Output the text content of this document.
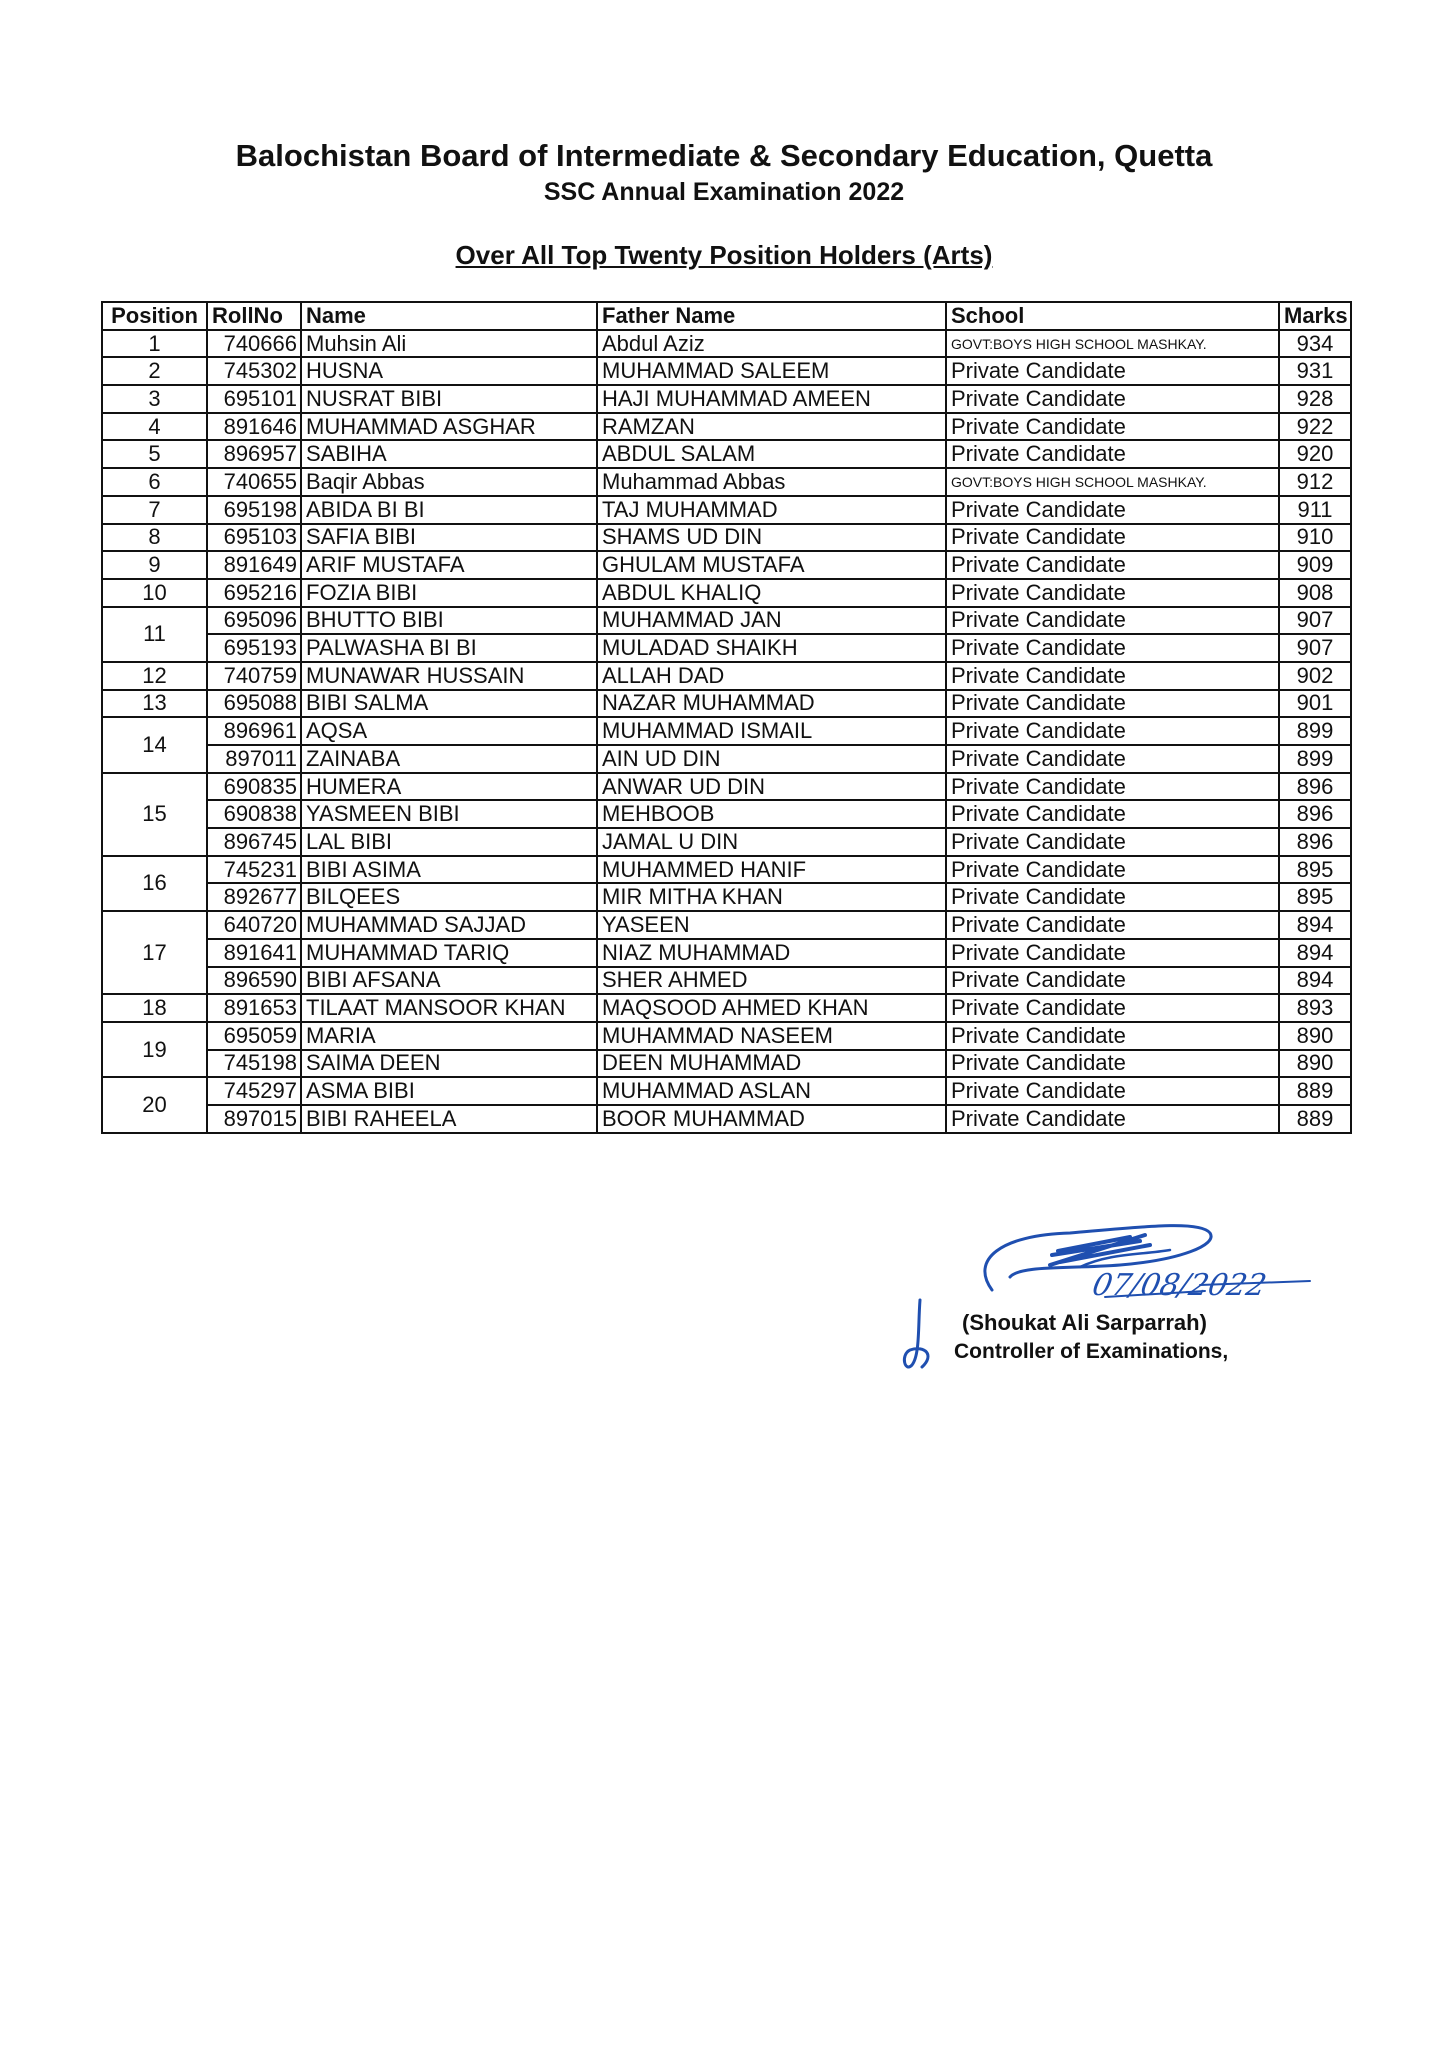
Balochistan Board of Intermediate & Secondary Education, Quetta
SSC Annual Examination 2022
Over All Top Twenty Position Holders (Arts)
Position	RollNo	Name	Father Name	School	Marks
1	740666	Muhsin Ali	Abdul Aziz	GOVT:BOYS HIGH SCHOOL MASHKAY.	934
2	745302	HUSNA	MUHAMMAD SALEEM	Private Candidate	931
3	695101	NUSRAT BIBI	HAJI MUHAMMAD AMEEN	Private Candidate	928
4	891646	MUHAMMAD ASGHAR	RAMZAN	Private Candidate	922
5	896957	SABIHA	ABDUL SALAM	Private Candidate	920
6	740655	Baqir Abbas	Muhammad Abbas	GOVT:BOYS HIGH SCHOOL MASHKAY.	912
7	695198	ABIDA BI BI	TAJ MUHAMMAD	Private Candidate	911
8	695103	SAFIA BIBI	SHAMS UD DIN	Private Candidate	910
9	891649	ARIF MUSTAFA	GHULAM MUSTAFA	Private Candidate	909
10	695216	FOZIA BIBI	ABDUL KHALIQ	Private Candidate	908
11	695096	BHUTTO BIBI	MUHAMMAD JAN	Private Candidate	907
	695193	PALWASHA BI BI	MULADAD SHAIKH	Private Candidate	907
12	740759	MUNAWAR HUSSAIN	ALLAH DAD	Private Candidate	902
13	695088	BIBI SALMA	NAZAR MUHAMMAD	Private Candidate	901
14	896961	AQSA	MUHAMMAD ISMAIL	Private Candidate	899
	897011	ZAINABA	AIN UD DIN	Private Candidate	899
15	690835	HUMERA	ANWAR UD DIN	Private Candidate	896
	690838	YASMEEN BIBI	MEHBOOB	Private Candidate	896
	896745	LAL BIBI	JAMAL U DIN	Private Candidate	896
16	745231	BIBI ASIMA	MUHAMMED HANIF	Private Candidate	895
	892677	BILQEES	MIR MITHA KHAN	Private Candidate	895
17	640720	MUHAMMAD SAJJAD	YASEEN	Private Candidate	894
	891641	MUHAMMAD TARIQ	NIAZ MUHAMMAD	Private Candidate	894
	896590	BIBI AFSANA	SHER AHMED	Private Candidate	894
18	891653	TILAAT MANSOOR KHAN	MAQSOOD AHMED KHAN	Private Candidate	893
19	695059	MARIA	MUHAMMAD NASEEM	Private Candidate	890
	745198	SAIMA DEEN	DEEN MUHAMMAD	Private Candidate	890
20	745297	ASMA BIBI	MUHAMMAD ASLAN	Private Candidate	889
	897015	BIBI RAHEELA	BOOR MUHAMMAD	Private Candidate	889
07/08/2022
(Shoukat Ali Sarparrah)
Controller of Examinations,
